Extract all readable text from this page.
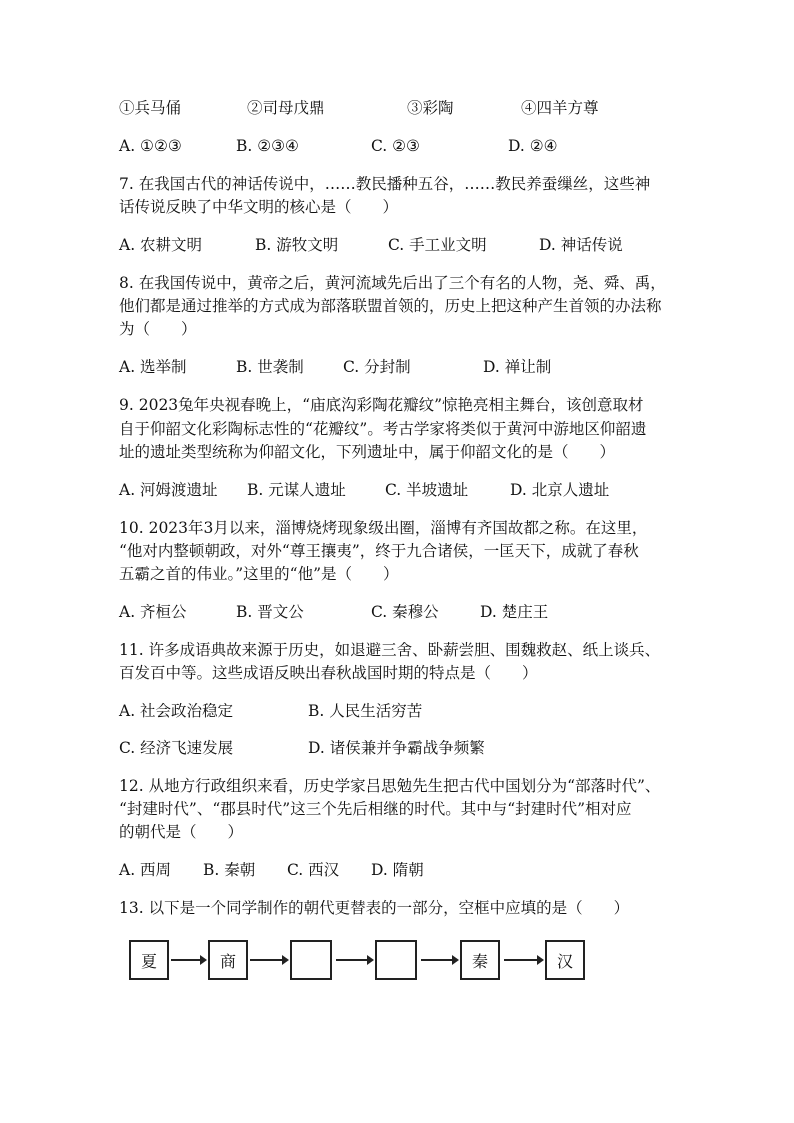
①兵马俑	②司母戊鼎	③彩陶	④四羊方尊
A. ①②③	B. ②③④	C. ②③	D. ②④
7. 在我国古代的神话传说中，……教民播种五谷，……教民养蚕缫丝，这些神
话传说反映了中华文明的核心是（　　）
A. 农耕文明	B. 游牧文明	C. 手工业文明	D. 神话传说
8. 在我国传说中，黄帝之后，黄河流域先后出了三个有名的人物，尧、舜、禹，
他们都是通过推举的方式成为部落联盟首领的，历史上把这种产生首领的办法称
为（　　）
A. 选举制	B. 世袭制	C. 分封制	D. 禅让制
9. 2023兔年央视春晚上，“庙底沟彩陶花瓣纹”惊艳亮相主舞台，该创意取材
自于仰韶文化彩陶标志性的“花瓣纹”。考古学家将类似于黄河中游地区仰韶遗
址的遗址类型统称为仰韶文化，下列遗址中，属于仰韶文化的是（　　）
A. 河姆渡遗址 B. 元谋人遗址	C. 半坡遗址	D. 北京人遗址
10. 2023年3月以来，淄博烧烤现象级出圈，淄博有齐国故都之称。在这里，
“他对内整顿朝政，对外“尊王攘夷”，终于九合诸侯，一匡天下，成就了春秋
五霸之首的伟业。”这里的“他”是（　　）
A. 齐桓公	B. 晋文公	C. 秦穆公	D. 楚庄王
11. 许多成语典故来源于历史，如退避三舍、卧薪尝胆、围魏救赵、纸上谈兵、
百发百中等。这些成语反映出春秋战国时期的特点是（　　）
A. 社会政治稳定	B. 人民生活穷苦
C. 经济飞速发展	D. 诸侯兼并争霸战争频繁
12. 从地方行政组织来看，历史学家吕思勉先生把古代中国划分为“部落时代”、
“封建时代”、“郡县时代”这三个先后相继的时代。其中与“封建时代”相对应
的朝代是（　　）
A. 西周 B. 秦朝 C. 西汉 D. 隋朝
13. 以下是一个同学制作的朝代更替表的一部分，空框中应填的是（　　）
夏	商	秦	汉
